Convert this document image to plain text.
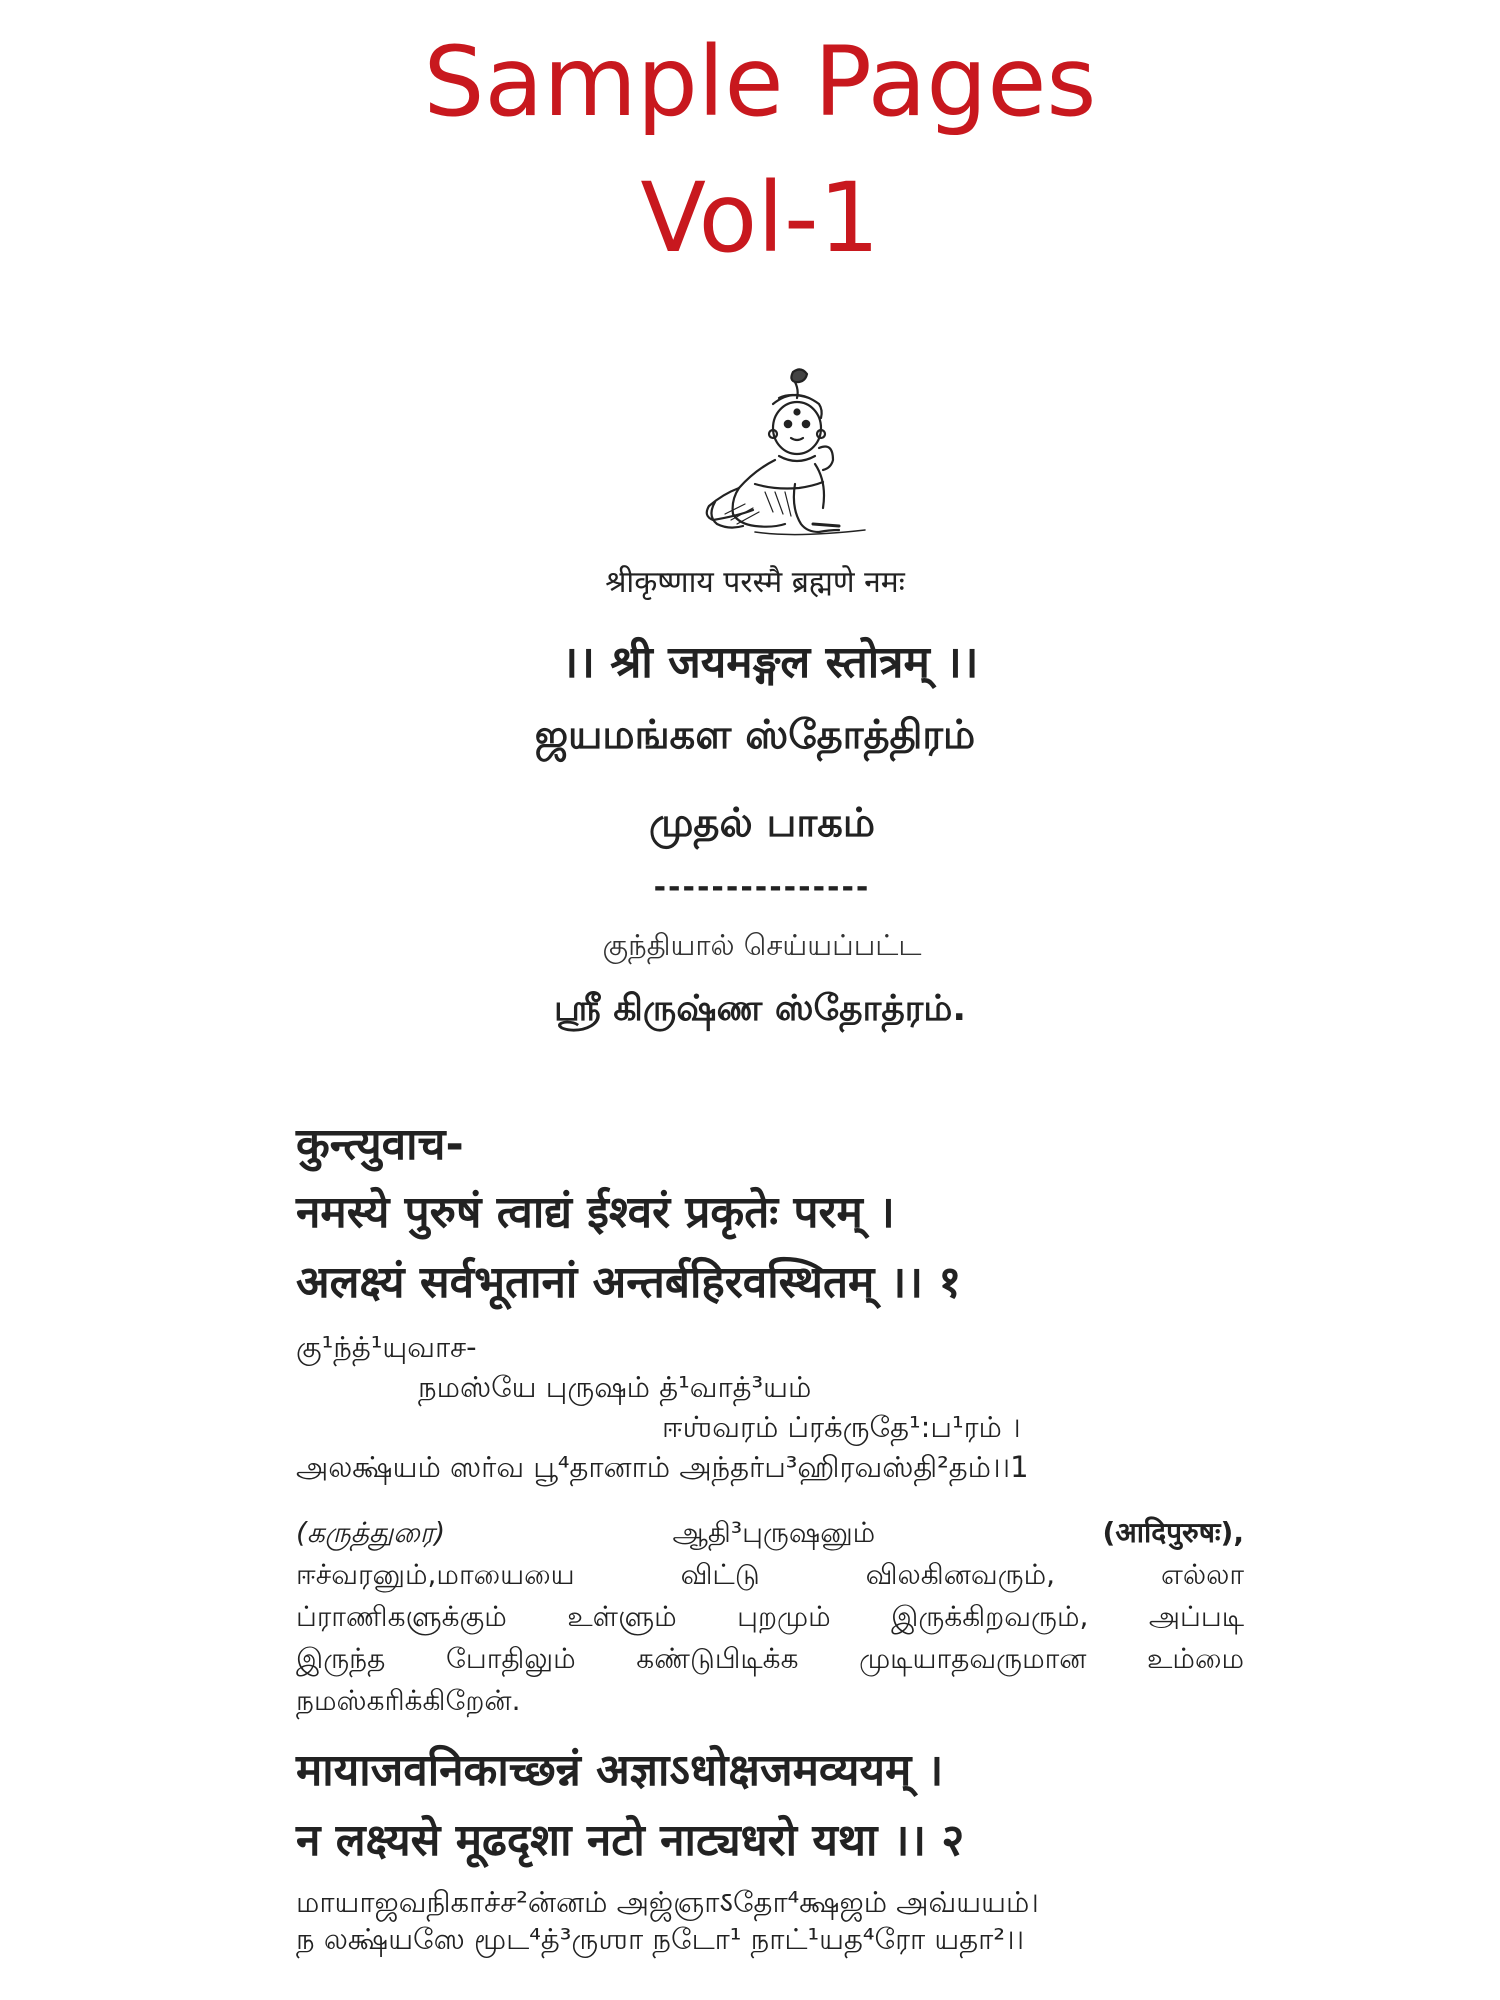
Sample Pages
Vol-1
श्रीकृष्णाय परस्मै ब्रह्मणे नमः
।। श्री जयमङ्गल स्तोत्रम् ।।
ஜயமங்கள ஸ்தோத்திரம்
முதல் பாகம்
---------------
குந்தியால் செய்யப்பட்ட
ஸ்ரீ கிருஷ்ண ஸ்தோத்ரம்.
कुन्त्युवाच-
नमस्ये पुरुषं त्वाद्यं ईश्वरं प्रकृतेः परम् ।
अलक्ष्यं सर्वभूतानां अन्तर्बहिरवस्थितम् ।। १
கு¹ந்த்¹யுவாச-
நமஸ்யே புருஷம் த்¹வாத்³யம்
ஈஶ்வரம் ப்ரக்ருதே¹:ப¹ரம் ।
அலக்ஷ்யம் ஸர்வ பூ⁴தானாம் அந்தர்ப³ஹிரவஸ்தி²தம்।।1
(கருத்துரை)	ஆதி³புருஷனும்	(आदिपुरुषः),
ஈச்வரனும்,மாயையை	விட்டு	விலகினவரும்,	எல்லா
ப்ராணிகளுக்கும் உள்ளும் புறமும் இருக்கிறவரும், அப்படி
இருந்த போதிலும் கண்டுபிடிக்க முடியாதவருமான உம்மை
நமஸ்கரிக்கிறேன்.
मायाजवनिकाच्छन्नं अज्ञाऽधोक्षजमव्ययम् ।
न लक्ष्यसे मूढदृशा नटो नाट्यधरो यथा ।। २
மாயாஜவநிகாச்ச²ன்னம் அஜ்ஞாऽதோ⁴க்ஷஜம் அவ்யயம்।
ந லக்ஷ்யஸே மூட⁴த்³ருஶா நடோ¹ நாட்¹யத⁴ரோ யதா²।।
